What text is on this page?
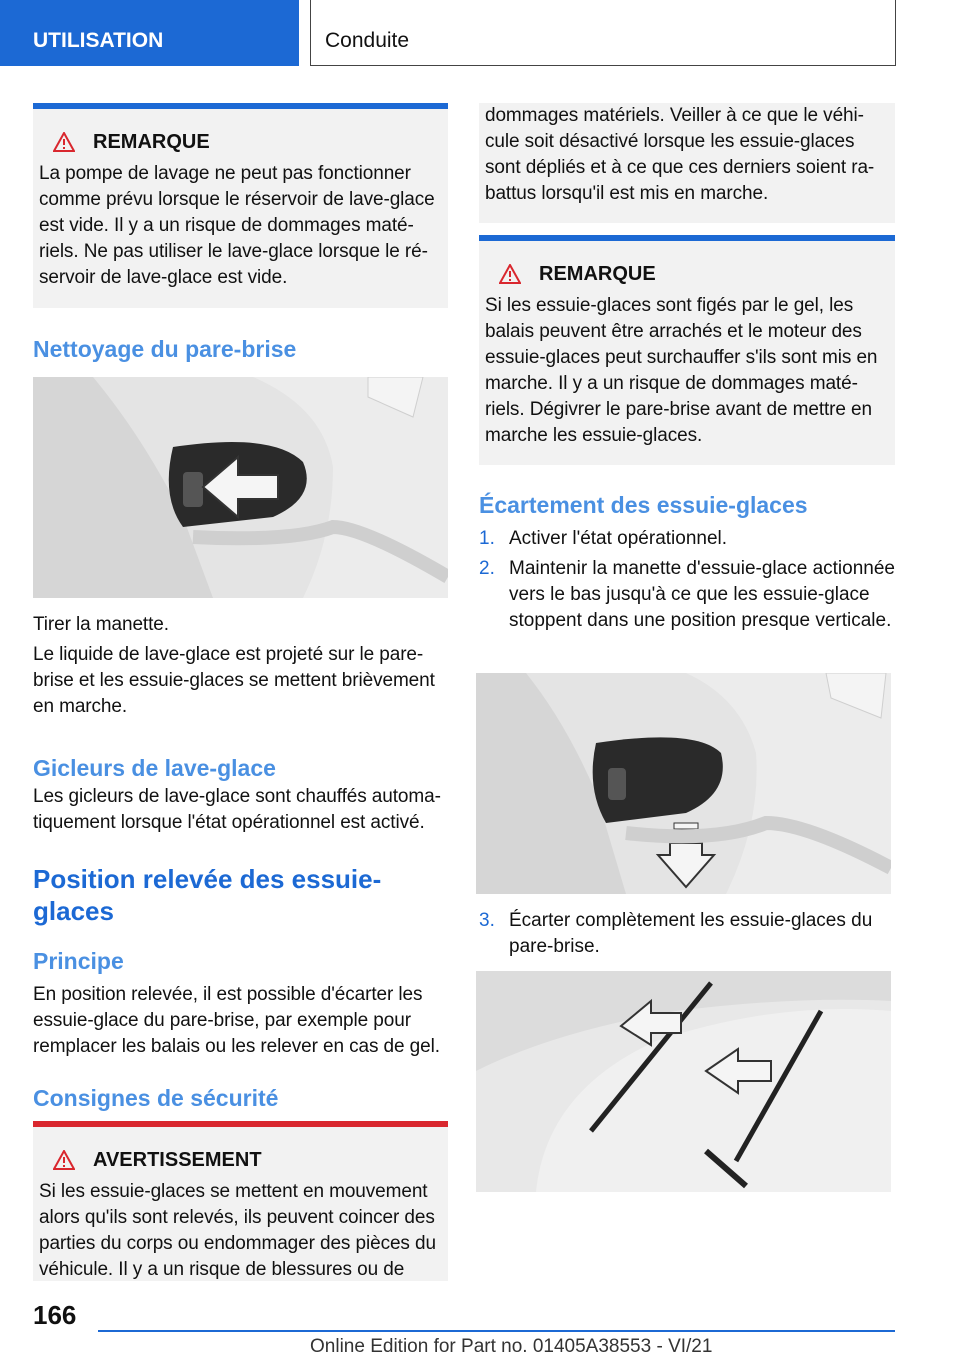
UTILISATION	Conduite
REMARQUE
La pompe de lavage ne peut pas fonctionner comme prévu lorsque le réservoir de lave-glace est vide. Il y a un risque de dommages matériels. Ne pas utiliser le lave-glace lorsque le réservoir de lave-glace est vide.
Nettoyage du pare-brise
Tirer la manette.
Le liquide de lave-glace est projeté sur le pare-brise et les essuie-glaces se mettent brièvement en marche.
Gicleurs de lave-glace
Les gicleurs de lave-glace sont chauffés automatiquement lorsque l'état opérationnel est activé.
Position relevée des essuie-glaces
Principe
En position relevée, il est possible d'écarter les essuie-glace du pare-brise, par exemple pour remplacer les balais ou les relever en cas de gel.
Consignes de sécurité
AVERTISSEMENT
Si les essuie-glaces se mettent en mouvement alors qu'ils sont relevés, ils peuvent coincer des parties du corps ou endommager des pièces du véhicule. Il y a un risque de blessures ou de
dommages matériels. Veiller à ce que le véhicule soit désactivé lorsque les essuie-glaces sont dépliés et à ce que ces derniers soient rabattus lorsqu'il est mis en marche.
REMARQUE
Si les essuie-glaces sont figés par le gel, les balais peuvent être arrachés et le moteur des essuie-glaces peut surchauffer s'ils sont mis en marche. Il y a un risque de dommages matériels. Dégivrer le pare-brise avant de mettre en marche les essuie-glaces.
Écartement des essuie-glaces
1. Activer l'état opérationnel.
2. Maintenir la manette d'essuie-glace actionnée vers le bas jusqu'à ce que les essuie-glace stoppent dans une position presque verticale.
3. Écarter complètement les essuie-glaces du pare-brise.
166
Online Edition for Part no. 01405A38553 - VI/21
